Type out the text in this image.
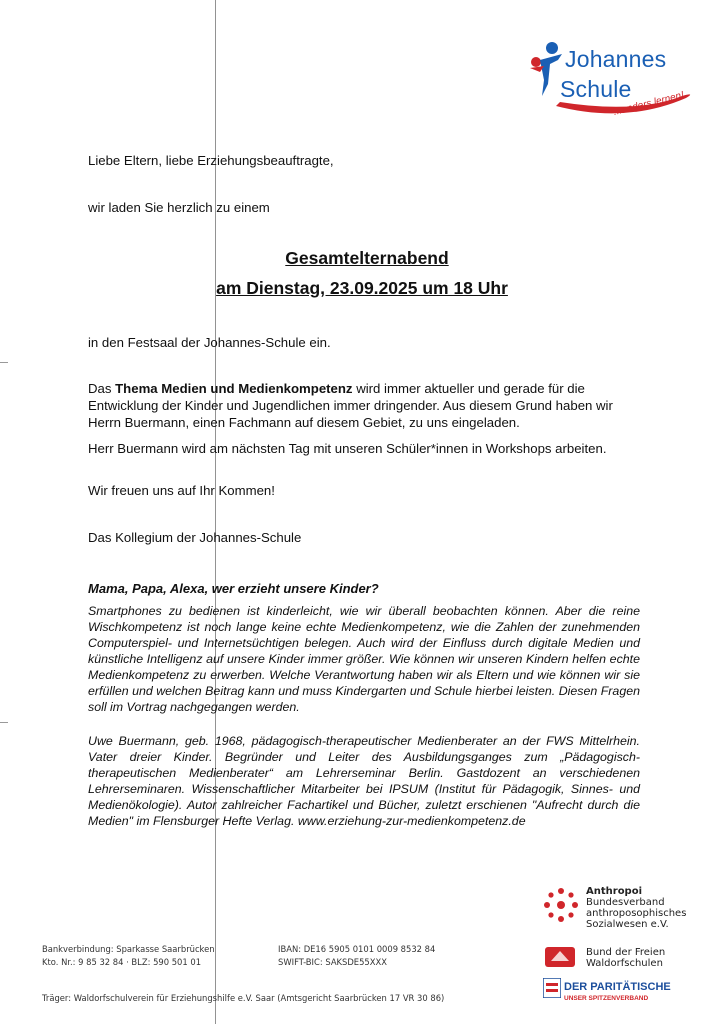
Johannes
Schule
...anders lernen!

Liebe Eltern, liebe Erziehungsbeauftragte,

wir laden Sie herzlich zu einem

Gesamtelternabend
am Dienstag, 23.09.2025 um 18 Uhr

in den Festsaal der Johannes-Schule ein.

Das Thema Medien und Medienkompetenz wird immer aktueller und gerade für die Entwicklung der Kinder und Jugendlichen immer dringender. Aus diesem Grund haben wir Herrn Buermann, einen Fachmann auf diesem Gebiet, zu uns eingeladen.

Herr Buermann wird am nächsten Tag mit unseren Schüler*innen in Workshops arbeiten.

Wir freuen uns auf Ihr Kommen!

Das Kollegium der Johannes-Schule

Mama, Papa, Alexa, wer erzieht unsere Kinder?

Smartphones zu bedienen ist kinderleicht, wie wir überall beobachten können. Aber die reine Wischkompetenz ist noch lange keine echte Medienkompetenz, wie die Zahlen der zunehmenden Computerspiel- und Internetsüchtigen belegen. Auch wird der Einfluss durch digitale Medien und künstliche Intelligenz auf unsere Kinder immer größer. Wie können wir unseren Kindern helfen echte Medienkompetenz zu erwerben. Welche Verantwortung haben wir als Eltern und wie können wir sie erfüllen und welchen Beitrag kann und muss Kindergarten und Schule hierbei leisten. Diesen Fragen soll im Vortrag nachgegangen werden.

Uwe Buermann, geb. 1968, pädagogisch-therapeutischer Medienberater an der FWS Mittelrhein. Vater dreier Kinder. Begründer und Leiter des Ausbildungsganges zum „Pädagogisch-therapeutischen Medienberater“ am Lehrerseminar Berlin. Gastdozent an verschiedenen Lehrerseminaren. Wissenschaftlicher Mitarbeiter bei IPSUM (Institut für Pädagogik, Sinnes- und Medienökologie). Autor zahlreicher Fachartikel und Bücher, zuletzt erschienen "Aufrecht durch die Medien" im Flensburger Hefte Verlag. www.erziehung-zur-medienkompetenz.de

Anthropoi
Bundesverband
anthroposophisches
Sozialwesen e.V.
Bund der Freien
Waldorfschulen
DER PARITÄTISCHE
UNSER SPITZENVERBAND
Bankverbindung: Sparkasse Saarbrücken
Kto. Nr.: 9 85 32 84 · BLZ: 590 501 01
IBAN: DE16 5905 0101 0009 8532 84
SWIFT-BIC: SAKSDE55XXX
Träger: Waldorfschulverein für Erziehungshilfe e.V. Saar (Amtsgericht Saarbrücken 17 VR 30 86)
